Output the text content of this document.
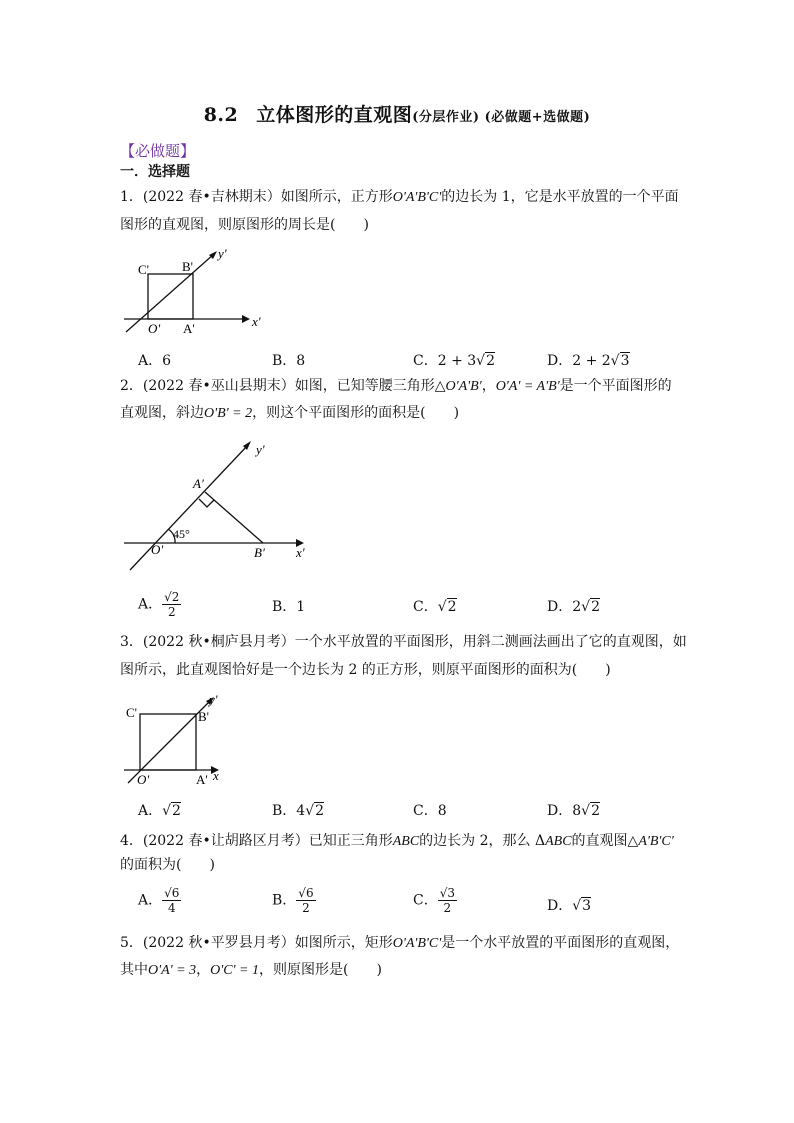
8.2 立体图形的直观图(分层作业) (必做题+选做题)
【必做题】
一．选择题
1．(2022 春•吉林期末）如图所示，正方形O'A'B'C'的边长为 1，它是水平放置的一个平面
图形的直观图，则原图形的周长是(　　)
C'	B'
O' A'	x'
y'
A．6	B．8	C．2 + 3√2	D．2 + 2√3
2．(2022 春•巫山县期末）如图，已知等腰三角形△O'A'B'，O'A' = A'B'是一个平面图形的
直观图，斜边O'B' = 2，则这个平面图形的面积是(　　)
A'
O'	B' x'
y'
45°
A． $\frac{√2}{2}$	B．1	C．√2	D．2√2
3．(2022 秋•桐庐县月考）一个水平放置的平面图形，用斜二测画法画出了它的直观图，如
图所示，此直观图恰好是一个边长为 2 的正方形，则原平面图形的面积为(　　)
C'	B'
O'	A' x
y'
A．√2	B．4√2	C．8	D．8√2
4．(2022 春•让胡路区月考）已知正三角形ABC的边长为 2，那么 ΔABC的直观图△A'B'C'
的面积为(　　)
A． $\frac{√6}{4}$	B． $\frac{√6}{2}$	C． $\frac{√3}{2}$	D．√3
5．(2022 秋•平罗县月考）如图所示，矩形O'A'B'C'是一个水平放置的平面图形的直观图，
其中O'A' = 3，O'C' = 1，则原图形是(　　)
